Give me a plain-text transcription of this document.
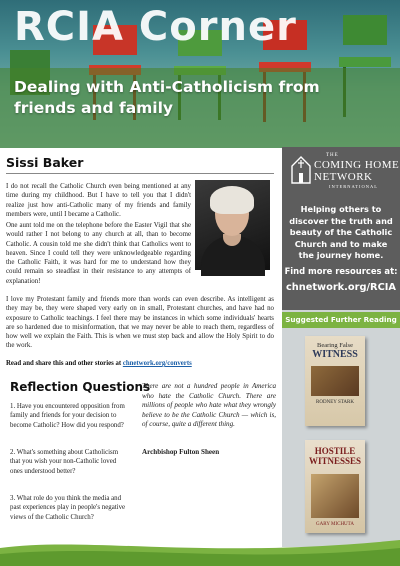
RCIA Corner
Dealing with Anti-Catholicism from friends and family
Sissi Baker
I do not recall the Catholic Church even being mentioned at any time during my childhood. But I have to tell you that I didn't realize just how anti-Catholic many of my friends and family members were, until I became a Catholic.
One aunt told me on the telephone before the Easter Vigil that she would rather I not belong to any church at all, than to become Catholic. A cousin told me she didn't think that Catholics went to heaven. Since I could tell they were unknowledgeable regarding the Catholic Faith, it was hard for me to understand how they could remain so steadfast in their resistance to any attempts of explanation!
I love my Protestant family and friends more than words can even describe. As intelligent as they may be, they were shaped very early on in small, Protestant churches, and have had no exposure to Catholic teachings. I feel there may be instances in which some individuals' hearts are so hardened due to misinformation, that we may never be able to reach them, regardless of how well we explain the Faith. This is when we must step back and allow the Holy Spirit to do the work.
Read and share this and other stories at chnetwork.org/converts
Reflection Questions
1. Have you encountered opposition from family and friends for your decision to become Catholic? How did you respond?
2. What's something about Catholicism that you wish your non-Catholic loved ones understood better?
3. What role do you think the media and past experiences play in people's negative views of the Catholic Church?
There are not a hundred people in America who hate the Catholic Church. There are millions of people who hate what they wrongly believe to be the Catholic Church — which is, of course, quite a different thing.
Archbishop Fulton Sheen
THE
COMING HOME
NETWORK
INTERNATIONAL
Helping others to discover the truth and beauty of the Catholic Church and to make the journey home.
Find more resources at:
chnetwork.org/RCIA
Suggested Further Reading
Bearing False
WITNESS
RODNEY STARK
HOSTILE WITNESSES
GARY MICHUTA
